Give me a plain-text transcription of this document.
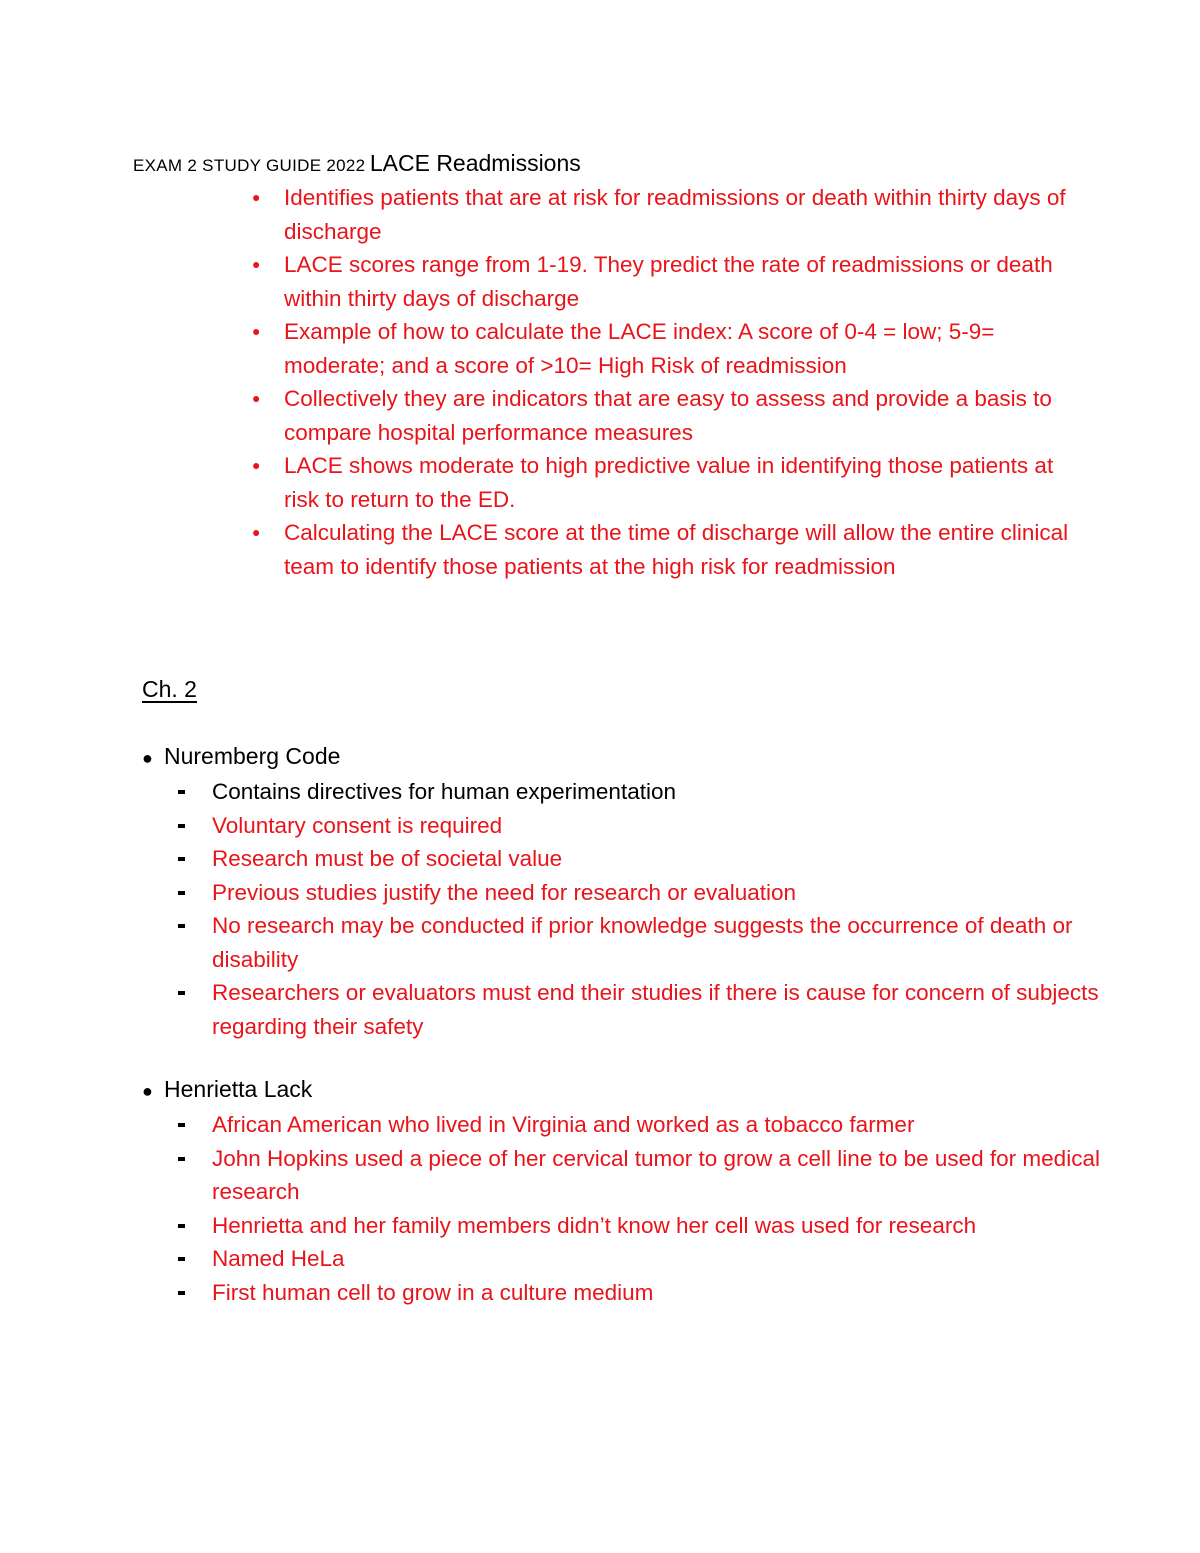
EXAM 2 STUDY GUIDE 2022 LACE Readmissions
● Identifies patients that are at risk for readmissions or death within thirty days of discharge
● LACE scores range from 1-19. They predict the rate of readmissions or death within thirty days of discharge
● Example of how to calculate the LACE index: A score of 0-4 = low; 5-9= moderate; and a score of >10= High Risk of readmission
● Collectively they are indicators that are easy to assess and provide a basis to compare hospital performance measures
● LACE shows moderate to high predictive value in identifying those patients at risk to return to the ED.
● Calculating the LACE score at the time of discharge will allow the entire clinical team to identify those patients at the high risk for readmission
Ch. 2
● Nuremberg Code
Contains directives for human experimentation
Voluntary consent is required
Research must be of societal value
Previous studies justify the need for research or evaluation
No research may be conducted if prior knowledge suggests the occurrence of death or disability
Researchers or evaluators must end their studies if there is cause for concern of subjects regarding their safety
● Henrietta Lack
African American who lived in Virginia and worked as a tobacco farmer
John Hopkins used a piece of her cervical tumor to grow a cell line to be used for medical research
Henrietta and her family members didn’t know her cell was used for research
Named HeLa
First human cell to grow in a culture medium
